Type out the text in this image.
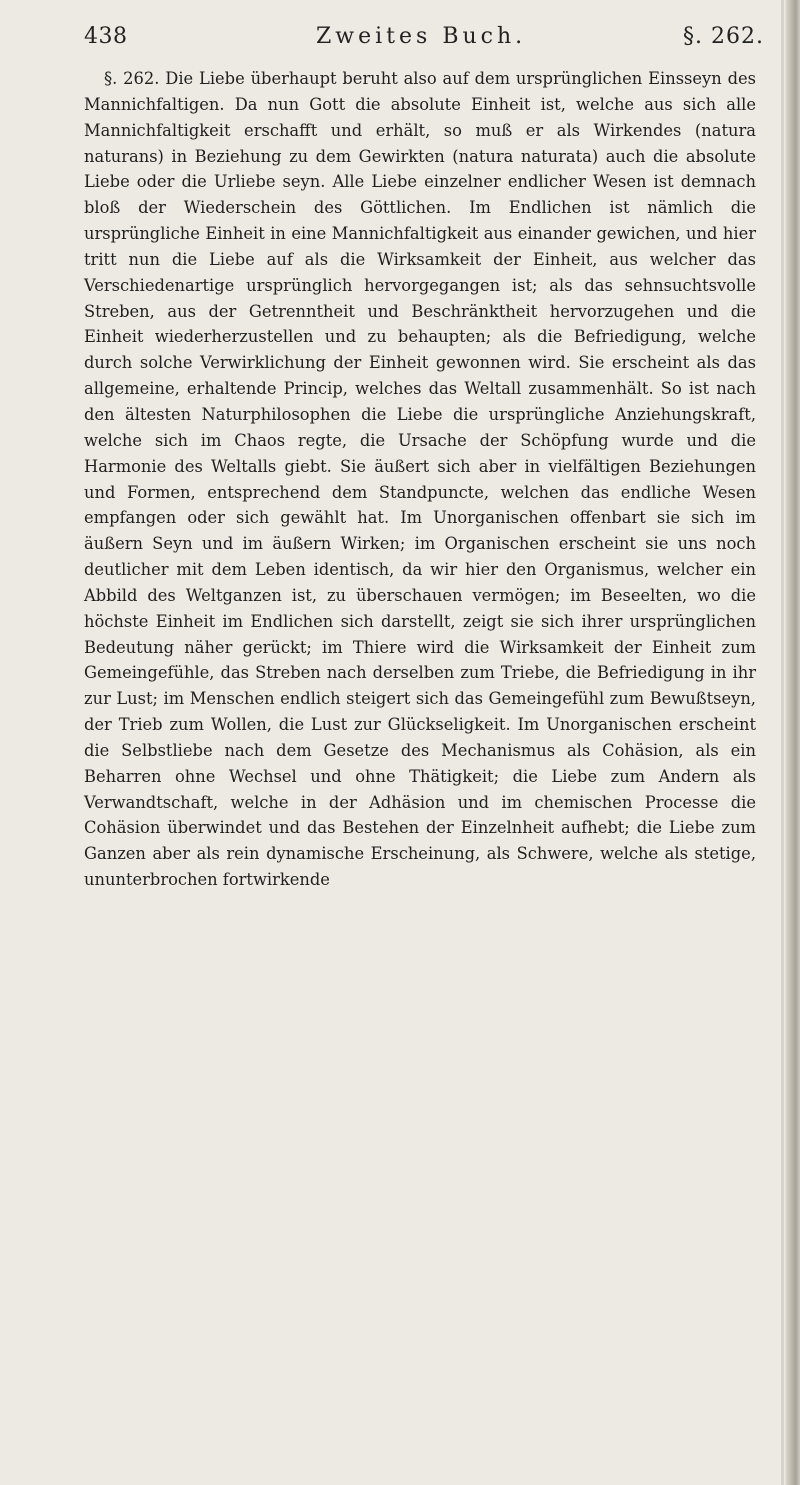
438	Zweites Buch.	§. 262.
§. 262. Die Liebe überhaupt beruht also auf dem ursprünglichen Einsseyn des Mannichfaltigen. Da nun Gott die absolute Einheit ist, welche aus sich alle Mannichfaltigkeit erschafft und erhält, so muß er als Wirkendes (natura naturans) in Beziehung zu dem Gewirkten (natura naturata) auch die absolute Liebe oder die Urliebe seyn. Alle Liebe einzelner endlicher Wesen ist demnach bloß der Wiederschein des Göttlichen. Im Endlichen ist nämlich die ursprüngliche Einheit in eine Mannichfaltigkeit aus einander gewichen, und hier tritt nun die Liebe auf als die Wirksamkeit der Einheit, aus welcher das Verschiedenartige ursprünglich hervorgegangen ist; als das sehnsuchtsvolle Streben, aus der Getrenntheit und Beschränktheit hervorzugehen und die Einheit wiederherzustellen und zu behaupten; als die Befriedigung, welche durch solche Verwirklichung der Einheit gewonnen wird. Sie erscheint als das allgemeine, erhaltende Princip, welches das Weltall zusammenhält. So ist nach den ältesten Naturphilosophen die Liebe die ursprüngliche Anziehungskraft, welche sich im Chaos regte, die Ursache der Schöpfung wurde und die Harmonie des Weltalls giebt. Sie äußert sich aber in vielfältigen Beziehungen und Formen, entsprechend dem Standpuncte, welchen das endliche Wesen empfangen oder sich gewählt hat. Im Unorganischen offenbart sie sich im äußern Seyn und im äußern Wirken; im Organischen erscheint sie uns noch deutlicher mit dem Leben identisch, da wir hier den Organismus, welcher ein Abbild des Weltganzen ist, zu überschauen vermögen; im Beseelten, wo die höchste Einheit im Endlichen sich darstellt, zeigt sie sich ihrer ursprünglichen Bedeutung näher gerückt; im Thiere wird die Wirksamkeit der Einheit zum Gemeingefühle, das Streben nach derselben zum Triebe, die Befriedigung in ihr zur Lust; im Menschen endlich steigert sich das Gemeingefühl zum Bewußtseyn, der Trieb zum Wollen, die Lust zur Glückseligkeit. Im Unorganischen erscheint die Selbstliebe nach dem Gesetze des Mechanismus als Cohäsion, als ein Beharren ohne Wechsel und ohne Thätigkeit; die Liebe zum Andern als Verwandtschaft, welche in der Adhäsion und im chemischen Processe die Cohäsion überwindet und das Bestehen der Einzelnheit aufhebt; die Liebe zum Ganzen aber als rein dynamische Erscheinung, als Schwere, welche als stetige, ununterbrochen fortwirkende
